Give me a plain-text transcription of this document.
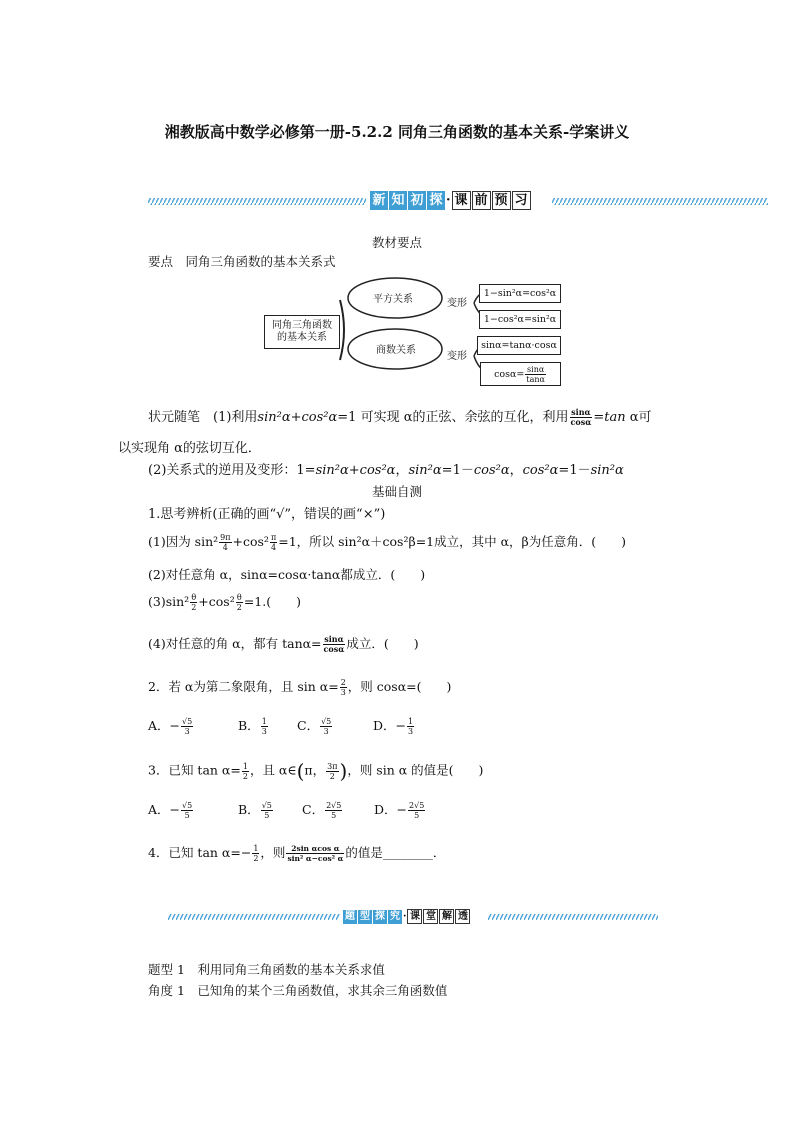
湘教版高中数学必修第一册-5.2.2 同角三角函数的基本关系-学案讲义
新 知 初 探 · 课 前 预 习
教材要点
要点　同角三角函数的基本关系式
同角三角函数
的基本关系
平方关系
商数关系
变形
变形
1−sin²α=cos²α
1−cos²α=sin²α
sinα=tanα·cosα
$\cos\alpha= \frac{\sin\alpha}{\tan\alpha}$
状元随笔　(1)利用sin²α+cos²α=1 可实现 α的正弦、余弦的互化，利用 $\frac{\sin\alpha}{\cos\alpha} =\tan$ α可
以实现角 α的弦切互化．
(2)关系式的逆用及变形：1=sin²α+cos²α，sin²α=1－cos²α，cos²α=1－sin²α
基础自测
1.思考辨析(正确的画“√”，错误的画“×”)
(1)因为 $\sin^2 \frac{9\pi}{4} +\cos^2 \frac{\pi}{4} =1$，所以 sin²α＋cos²β=1成立，其中 α，β为任意角．(　　)
(2)对任意角 α，sinα=cosα·tanα都成立．(　　)
$(3)\sin^2 \frac{\theta}{2} +\cos^2 \frac{\theta}{2} =1$.(　　)
(4)对任意的角 α，都有 $\tan\alpha= \frac{\sin\alpha}{\cos\alpha}$ 成立．(　　)
2．若 α为第二象限角，且 $\sin \alpha= \frac{2}{3}$ ，则 cosα=(　　)
A．− $\frac{√5}{3}$	B． $\frac{1}{3}$ C． $\frac{√5}{3}$	D．− $\frac{1}{3}$
3．已知 $\tan \alpha= \frac{1}{2}$ ，且 α∈(π， $\frac{3\pi}{2}$ )，则 sin α 的值是(　　)
A．− $\frac{√5}{5}$	B． $\frac{√5}{5}$ C． $\frac{2√5}{5}$	D．− $\frac{2√5}{5}$
4．已知 $\tan \alpha=- \frac{1}{2}$ ，则 $\frac{\text{2sin αcos α}}{\text{sin² α−cos² α}}$ 的值是________．
题 型 探 究 · 课 堂 解 透
题型 1　利用同角三角函数的基本关系求值
角度 1　已知角的某个三角函数值，求其余三角函数值
